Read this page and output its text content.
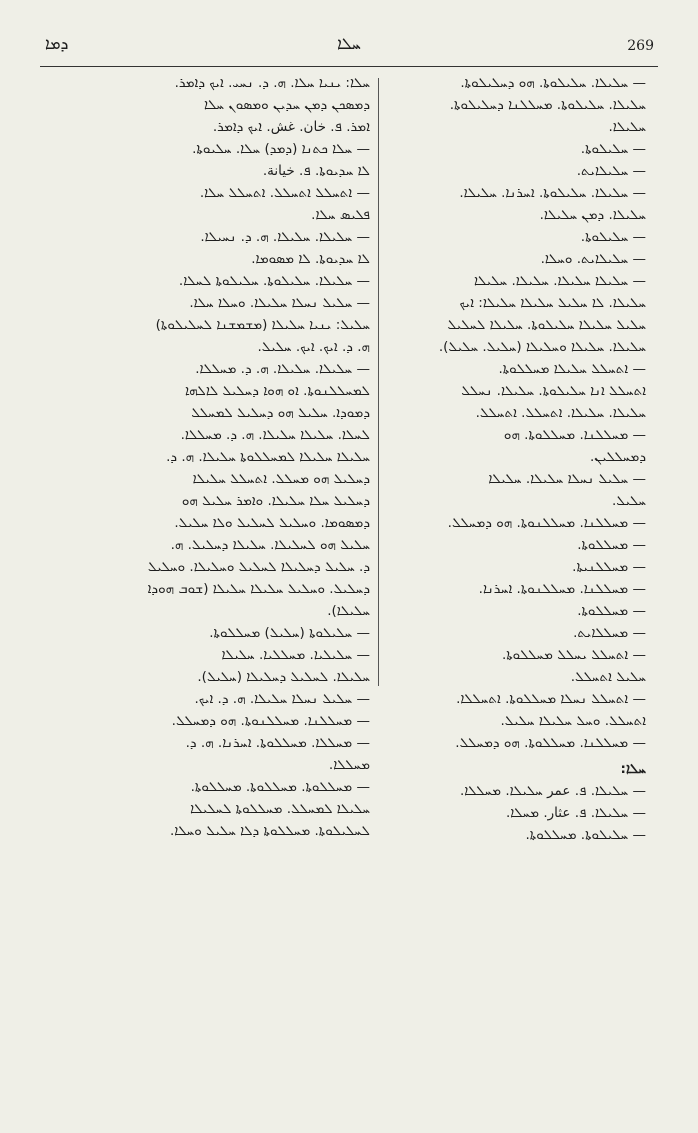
ܕܡܐ	ܚܠܐ	269

ܚܠܐ: ܝܢܝܐ ܚܠܐ. ܗ. ܕ. ܢܚܝ. ܐܝܟ ܕܐܡܪ.

ܕܡܣܟܢ ܕܡܢ ܚܕܝܢ ܘܡܣܘܢ ܚܠܐ

ܐܡܪ. ܦ. خان. غش. ܐܝܟ ܕܐܡܪ.

— ܚܠܐ ܟܬܢܐ (ܕܡܕ) ܚܠܐ. ܚܠܝܘܬܐ.

ܠܐ ܚܕܝܘܬܐ. ܦ. خيانة.

— ܐܬܚܠܠ ܐܬܚܠܠ. ܐܬܚܠܠ ܚܠܐ.

ܦܠܝܣ ܚܠܐ.

— ܚܠܝܠܐ. ܚܠܝܠܐ. ܗ. ܕ. ܢܚܝܠܐ.

ܠܐ ܚܕܝܘܬܐ. ܠܐ ܡܣܘܡܐ.

— ܚܠܝܠܐ. ܚܠܝܠܘܬܐ. ܚܠܝܠܘܬܐ ܠܚܠܐ.

— ܚܠܝܠ ܢܚܠܐ ܚܠܝܠܐ. ܘܚܠܐ ܚܠܐ.

ܚܠܝܠ: ܝܢܝܐ ܚܠܝܠܐ (ܡܫܡܫܢܐ ܠܚܠܝܠܘܬܐ)

ܗ. ܕ. ܐܝܟ. ܐܝܟ. ܚܠܝܠ.

— ܚܠܝܠܐ. ܚܠܝܠܐ. ܗ. ܕ. ܡܚܠܠܐ.

ܠܡܚܠܠܢܘܬܐ. ܐܘ ܗܘܐ ܕܚܠܝܠ ܠܐܠܗܐ

ܕܡܘܕܐ. ܚܠܝܠ ܗܘ ܕܚܠܝܠ ܠܡܚܠܠ

ܠܚܠܐ. ܚܠܝܠܐ ܚܠܝܠܐ. ܗ. ܕ. ܡܚܠܠܐ.

ܚܠܝܠܐ ܚܠܝܠܐ ܠܡܚܠܠܘܬܐ ܚܠܝܠܐ. ܗ. ܕ.

ܕܚܠܝܠ ܗܘ ܡܚܠܠ. ܐܬܚܠܠ ܚܠܝܠܐ

ܕܚܠܝܠ ܚܠܐ ܚܠܝܠܐ. ܘܐܡܪ ܚܠܝܠ ܗܘ

ܕܡܣܘܡܐ. ܘܚܠܝܠ ܠܚܠܝܠ ܘܠܐ ܚܠܝܠ.

ܚܠܝܠ ܗܘ ܠܚܠܝܠܐ. ܚܠܝܠܐ ܕܚܠܝܠ. ܗ.

ܕ. ܚܠܝܠ ܕܚܠܝܠܐ ܠܚܠܝܠ ܘܚܠܝܠܐ. ܘܚܠܝܠ

ܕܚܠܝܠ. ܘܚܠܝܠ ܚܠܝܠܐ ܚܠܝܠܐ (ܫܘܒ ܗܘܕܐ

ܚܠܝܠܐ).

— ܚܠܝܠܘܬܐ (ܚܠܝܠ) ܡܚܠܠܘܬܐ.

— ܚܠܝܠܝܐ. ܡܚܠܠܝܐ. ܚܠܝܠܐ

ܚܠܝܠܐ. ܠܚܠܝܠ ܕܚܠܝܠܐ (ܚܠܝܠ).

— ܚܠܝܠ ܢܚܠܐ ܚܠܝܠܐ. ܗ. ܕ. ܐܝܟ.

— ܡܚܠܠܢܐ. ܡܚܠܠܢܘܬܐ. ܗܘ ܕܡܚܠܠ.

— ܡܚܠܠܐ. ܡܚܠܠܘܬܐ. ܐܚܪܢܐ. ܗ. ܕ.

ܡܚܠܠܐ.

— ܡܚܠܠܘܬܐ. ܡܚܠܠܘܬܐ. ܡܚܠܠܘܬܐ.

ܚܠܝܠܐ ܠܡܚܠܠ. ܡܚܠܠܘܬܐ ܠܚܠܝܠܐ

ܠܚܠܝܠܘܬܐ. ܡܚܠܠܘܬܐ ܕܠܐ ܚܠܝܠ ܘܚܠܐ.

— ܚܠܝܠܐ. ܚܠܝܠܘܬܐ. ܗܘ ܕܚܠܝܠܘܬܐ.

ܚܠܝܠܐ. ܚܠܝܠܘܬܐ. ܡܚܠܠܢܐ ܕܚܠܝܠܘܬܐ.

ܚܠܝܠܐ.

— ܚܠܝܠܘܬܐ.

— ܚܠܝܠܐܝܬ.

— ܚܠܝܠܐ. ܚܠܝܠܘܬܐ. ܐܚܪܢܐ. ܚܠܝܠܐ.

ܚܠܝܠܐ. ܕܡܢ ܚܠܝܠܐ.

— ܚܠܝܠܘܬܐ.

— ܚܠܝܠܐܝܬ. ܘܚܠܐ.

— ܚܠܝܠܐ ܚܠܝܠܐ. ܚܠܝܠܐ. ܚܠܝܠܐ

ܚܠܝܠܐ. ܠܐ ܚܠܝܠ ܚܠܝܠܐ ܚܠܝܠܐ: ܐܝܟ

ܚܠܝܠ ܚܠܝܠܐ ܚܠܝܠܘܬܐ. ܚܠܝܠܐ ܠܚܠܝܠ

ܚܠܝܠܐ. ܚܠܝܠܐ ܘܚܠܝܠܐ (ܚܠܝܠ. ܚܠܝܠ).

— ܐܬܚܠܠ ܚܠܝܠܐ ܡܚܠܠܘܬܐ.

ܐܬܚܠܠ ܐܢܐ ܚܠܝܠܘܬܐ. ܚܠܝܠܐ. ܢܚܠܠ

ܚܠܝܠܐ. ܚܠܝܠܐ. ܐܬܚܠܠ. ܐܬܚܠܠ.

— ܡܚܠܠܢܐ. ܡܚܠܠܘܬܐ. ܗܘ

ܕܡܚܠܠܝܢ.

— ܚܠܝܠ ܢܚܠܐ ܚܠܝܠܐ. ܚܠܝܠܐ

ܚܠܝܠ.

— ܡܚܠܠܢܐ. ܡܚܠܠܢܘܬܐ. ܗܘ ܕܡܚܠܠ.

— ܡܚܠܠܘܬܐ.

— ܡܚܠܠܢܝܬܐ.

— ܡܚܠܠܢܐ. ܡܚܠܠܢܘܬܐ. ܐܚܪܢܐ.

— ܡܚܠܠܘܬܐ.

— ܡܚܠܠܐܝܬ.

— ܐܬܚܠܠ ܝܚܠܠ ܡܚܠܠܘܬܐ.

ܚܠܝܠ ܐܬܚܠܠ.

— ܐܬܚܠܠ ܢܚܠܐ ܡܚܠܠܘܬܐ. ܐܬܚܠܠܐ.

ܐܬܚܠܠ. ܘܚܠ ܚܠܝܠܐ ܚܠܝܠ.

— ܡܚܠܠܢܐ. ܡܚܠܠܘܬܐ. ܗܘ ܕܡܚܠܠ.

ܚܠܐ:

— ܚܠܝܠܐ. ܦ. عمر ܚܠܝܠܐ. ܡܚܠܠܐ.

— ܚܠܝܠܐ. ܦ. عثار. ܡܚܠܐ.

— ܚܠܝܠܘܬܐ. ܡܚܠܠܘܬܐ.
